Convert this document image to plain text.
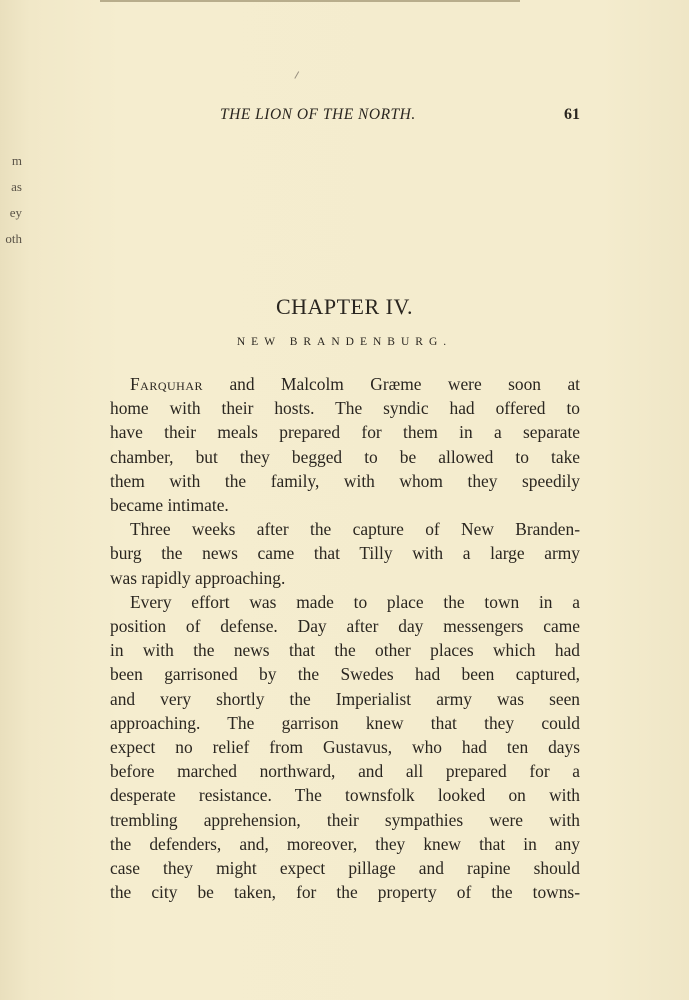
m
as
ey
oth
THE LION OF THE NORTH.	61
CHAPTER IV.
NEW BRANDENBURG.

Farquhar and Malcolm Græme were soon at
home with their hosts. The syndic had offered to
have their meals prepared for them in a separate
chamber, but they begged to be allowed to take
them with the family, with whom they speedily
became intimate.

Three weeks after the capture of New Branden-
burg the news came that Tilly with a large army
was rapidly approaching.

Every effort was made to place the town in a
position of defense. Day after day messengers came
in with the news that the other places which had
been garrisoned by the Swedes had been captured,
and very shortly the Imperialist army was seen
approaching. The garrison knew that they could
expect no relief from Gustavus, who had ten days
before marched northward, and all prepared for a
desperate resistance. The townsfolk looked on with
trembling apprehension, their sympathies were with
the defenders, and, moreover, they knew that in any
case they might expect pillage and rapine should
the city be taken, for the property of the towns-
